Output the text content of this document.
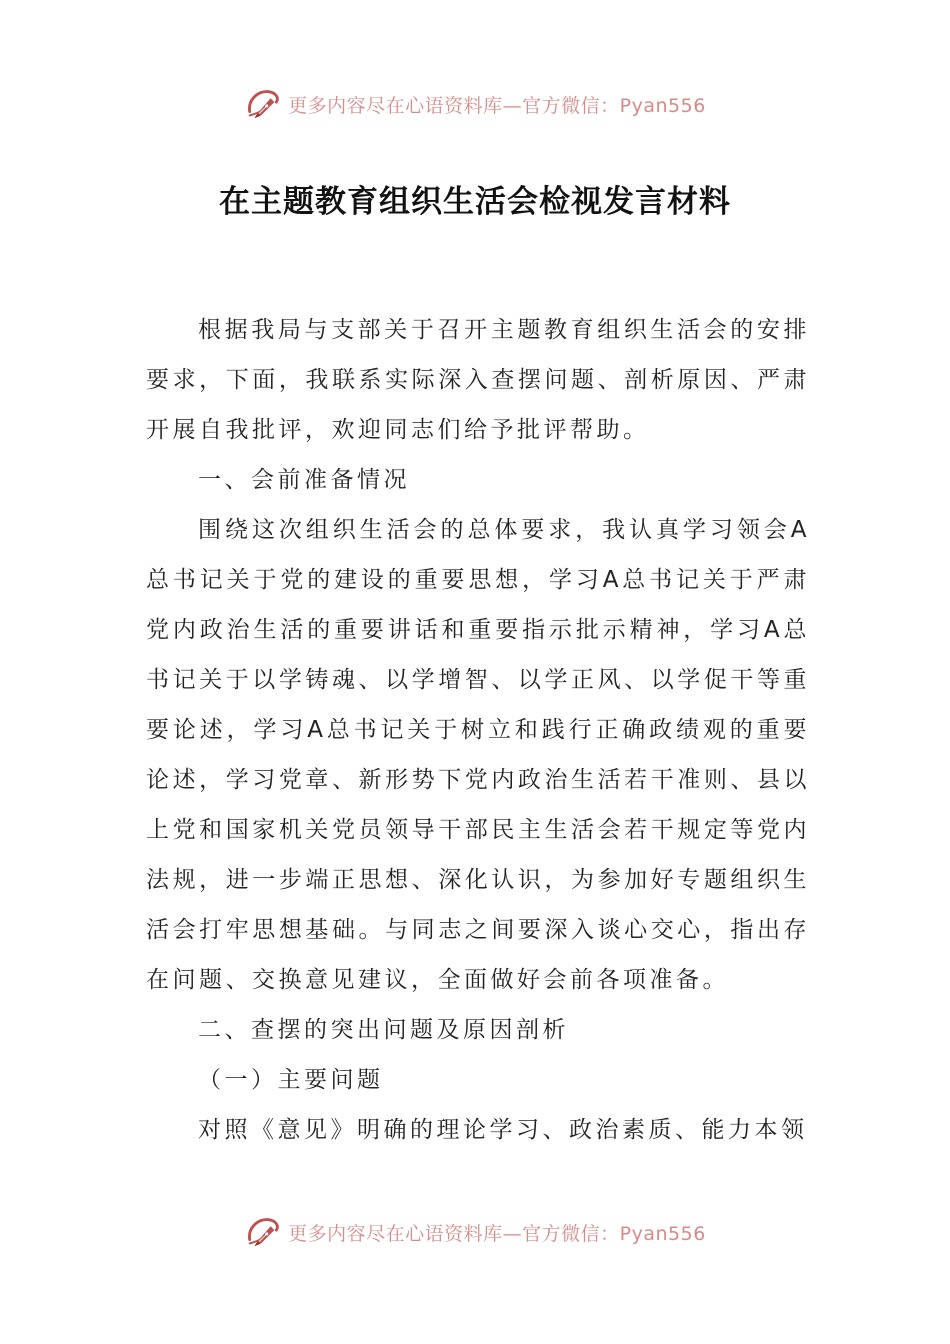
更多内容尽在心语资料库—官方微信：Pyan556
在主题教育组织生活会检视发言材料

根据我局与支部关于召开主题教育组织生活会的安排要求，下面，我联系实际深入查摆问题、剖析原因、严肃开展自我批评，欢迎同志们给予批评帮助。

一、会前准备情况

围绕这次组织生活会的总体要求，我认真学习领会A总书记关于党的建设的重要思想，学习A总书记关于严肃党内政治生活的重要讲话和重要指示批示精神，学习A总书记关于以学铸魂、以学增智、以学正风、以学促干等重要论述，学习A总书记关于树立和践行正确政绩观的重要论述，学习党章、新形势下党内政治生活若干准则、县以上党和国家机关党员领导干部民主生活会若干规定等党内法规，进一步端正思想、深化认识，为参加好专题组织生活会打牢思想基础。与同志之间要深入谈心交心，指出存在问题、交换意见建议，全面做好会前各项准备。

二、查摆的突出问题及原因剖析

（一）主要问题

对照《意见》明确的理论学习、政治素质、能力本领

更多内容尽在心语资料库—官方微信：Pyan556
